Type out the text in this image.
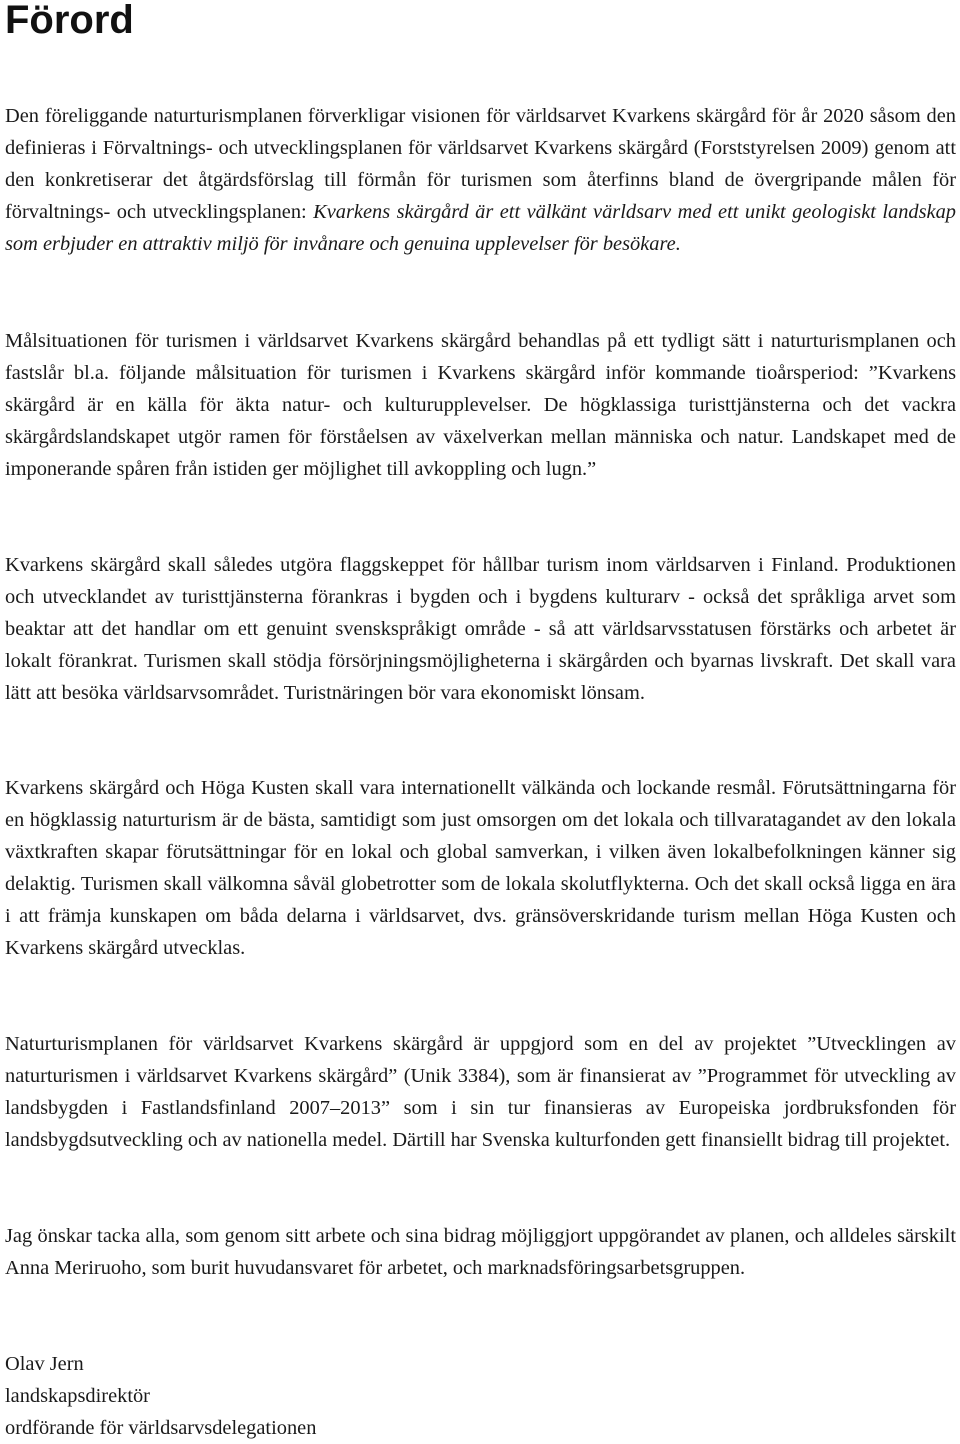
Förord

Den föreliggande naturturismplanen förverkligar visionen för världsarvet Kvarkens skärgård för år 2020 såsom den definieras i Förvaltnings- och utvecklingsplanen för världsarvet Kvarkens skärgård (Forststyrelsen 2009) genom att den konkretiserar det åtgärdsförslag till förmån för turismen som återfinns bland de övergripande målen för förvaltnings- och utvecklingsplanen: Kvarkens skärgård är ett välkänt världsarv med ett unikt geologiskt landskap som erbjuder en attraktiv miljö för invånare och genuina upplevelser för besökare.

Målsituationen för turismen i världsarvet Kvarkens skärgård behandlas på ett tydligt sätt i naturturismplanen och fastslår bl.a. följande målsituation för turismen i Kvarkens skärgård inför kommande tioårsperiod: ”Kvarkens skärgård är en källa för äkta natur- och kulturupplevelser. De högklassiga turisttjänsterna och det vackra skärgårdslandskapet utgör ramen för förståelsen av växelverkan mellan människa och natur. Landskapet med de imponerande spåren från istiden ger möjlighet till avkoppling och lugn.”

Kvarkens skärgård skall således utgöra flaggskeppet för hållbar turism inom världsarven i Finland. Produktionen och utvecklandet av turisttjänsterna förankras i bygden och i bygdens kulturarv - också det språkliga arvet som beaktar att det handlar om ett genuint svenskspråkigt område - så att världsarvsstatusen förstärks och arbetet är lokalt förankrat. Turismen skall stödja försörjningsmöjligheterna i skärgården och byarnas livskraft. Det skall vara lätt att besöka världsarvsområdet. Turistnäringen bör vara ekonomiskt lönsam.

Kvarkens skärgård och Höga Kusten skall vara internationellt välkända och lockande resmål. Förutsättningarna för en högklassig naturturism är de bästa, samtidigt som just omsorgen om det lokala och tillvaratagandet av den lokala växtkraften skapar förutsättningar för en lokal och global samverkan, i vilken även lokalbefolkningen känner sig delaktig. Turismen skall välkomna såväl globetrotter som de lokala skolutflykterna. Och det skall också ligga en ära i att främja kunskapen om båda delarna i världsarvet, dvs. gränsöverskridande turism mellan Höga Kusten och Kvarkens skärgård utvecklas.

Naturturismplanen för världsarvet Kvarkens skärgård är uppgjord som en del av projektet ”Utvecklingen av naturturismen i världsarvet Kvarkens skärgård” (Unik 3384), som är finansierat av ”Programmet för utveckling av landsbygden i Fastlandsfinland 2007–2013” som i sin tur finansieras av Europeiska jordbruksfonden för landsbygdsutveckling och av nationella medel. Därtill har Svenska kulturfonden gett finansiellt bidrag till projektet.

Jag önskar tacka alla, som genom sitt arbete och sina bidrag möjliggjort uppgörandet av planen, och alldeles särskilt Anna Meriruoho, som burit huvudansvaret för arbetet, och marknadsföringsarbetsgruppen.

Olav Jern
landskapsdirektör
ordförande för världsarvsdelegationen
